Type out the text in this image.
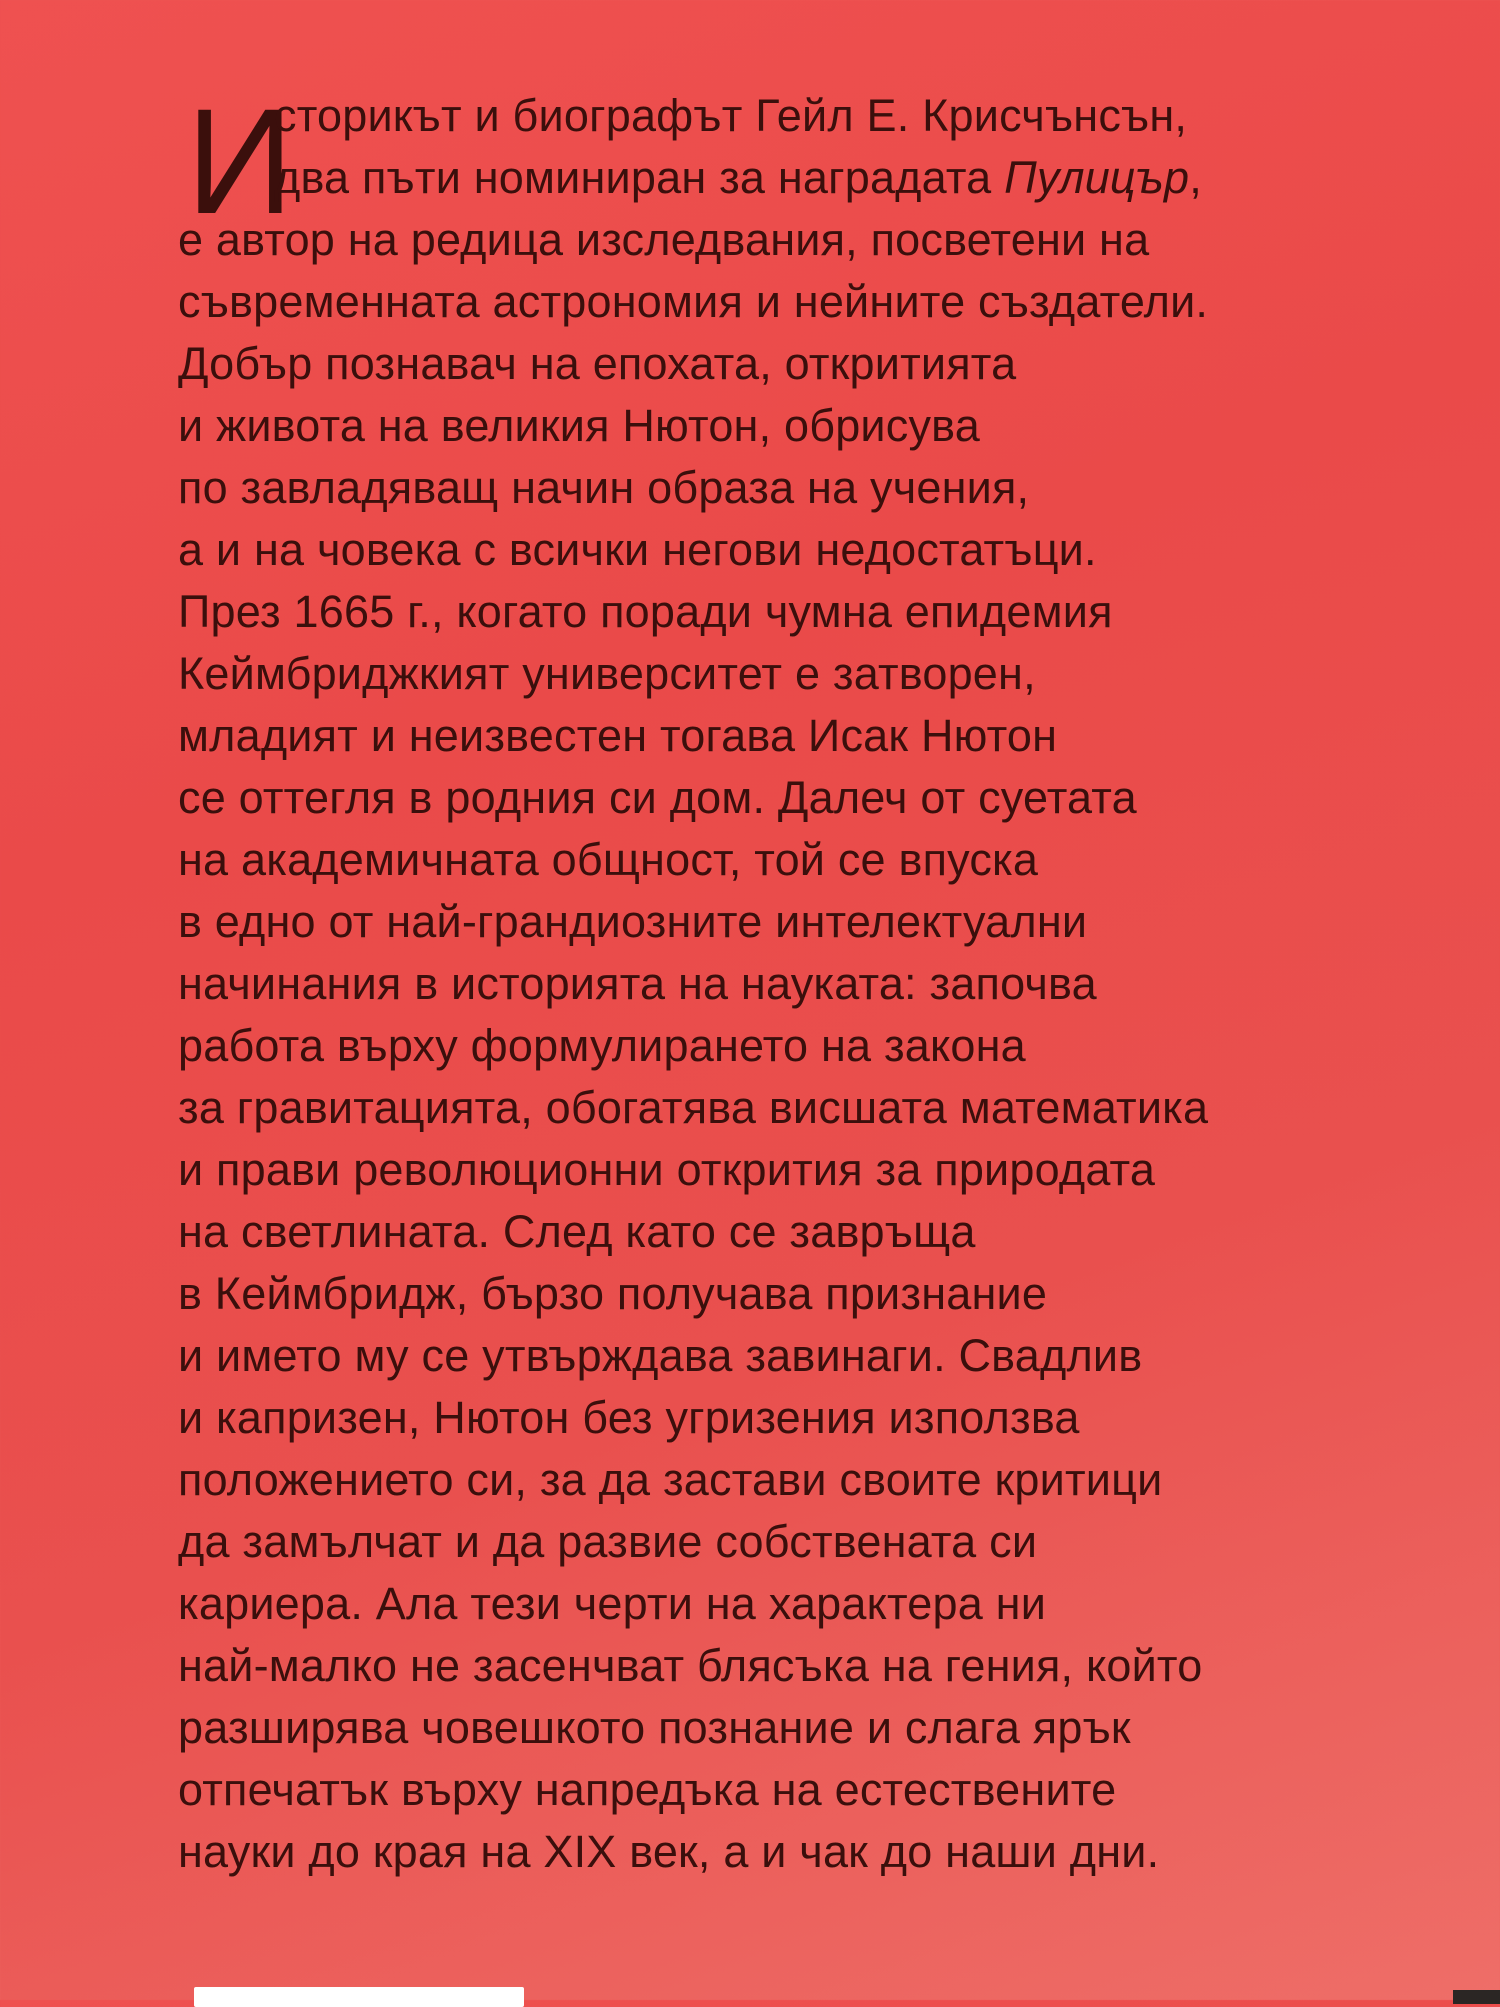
И
сторикът и биографът Гейл Е. Крисчънсън,
два пъти номиниран за наградата Пулицър,
е автор на редица изследвания, посветени на
съвременната астрономия и нейните създатели.
Добър познавач на епохата, откритията
и живота на великия Нютон, обрисува
по завладяващ начин образа на учения,
а и на човека с всички негови недостатъци.
През 1665 г., когато поради чумна епидемия
Кеймбриджкият университет е затворен,
младият и неизвестен тогава Исак Нютон
се оттегля в родния си дом. Далеч от суетата
на академичната общност, той се впуска
в едно от най-грандиозните интелектуални
начинания в историята на науката: започва
работа върху формулирането на закона
за гравитацията, обогатява висшата математика
и прави революционни открития за природата
на светлината. След като се завръща
в Кеймбридж, бързо получава признание
и името му се утвърждава завинаги. Свадлив
и капризен, Нютон без угризения използва
положението си, за да застави своите критици
да замълчат и да развие собствената си
кариера. Ала тези черти на характера ни
най-малко не засенчват блясъка на гения, който
разширява човешкото познание и слага ярък
отпечатък върху напредъка на естествените
науки до края на XIX век, а и чак до наши дни.
